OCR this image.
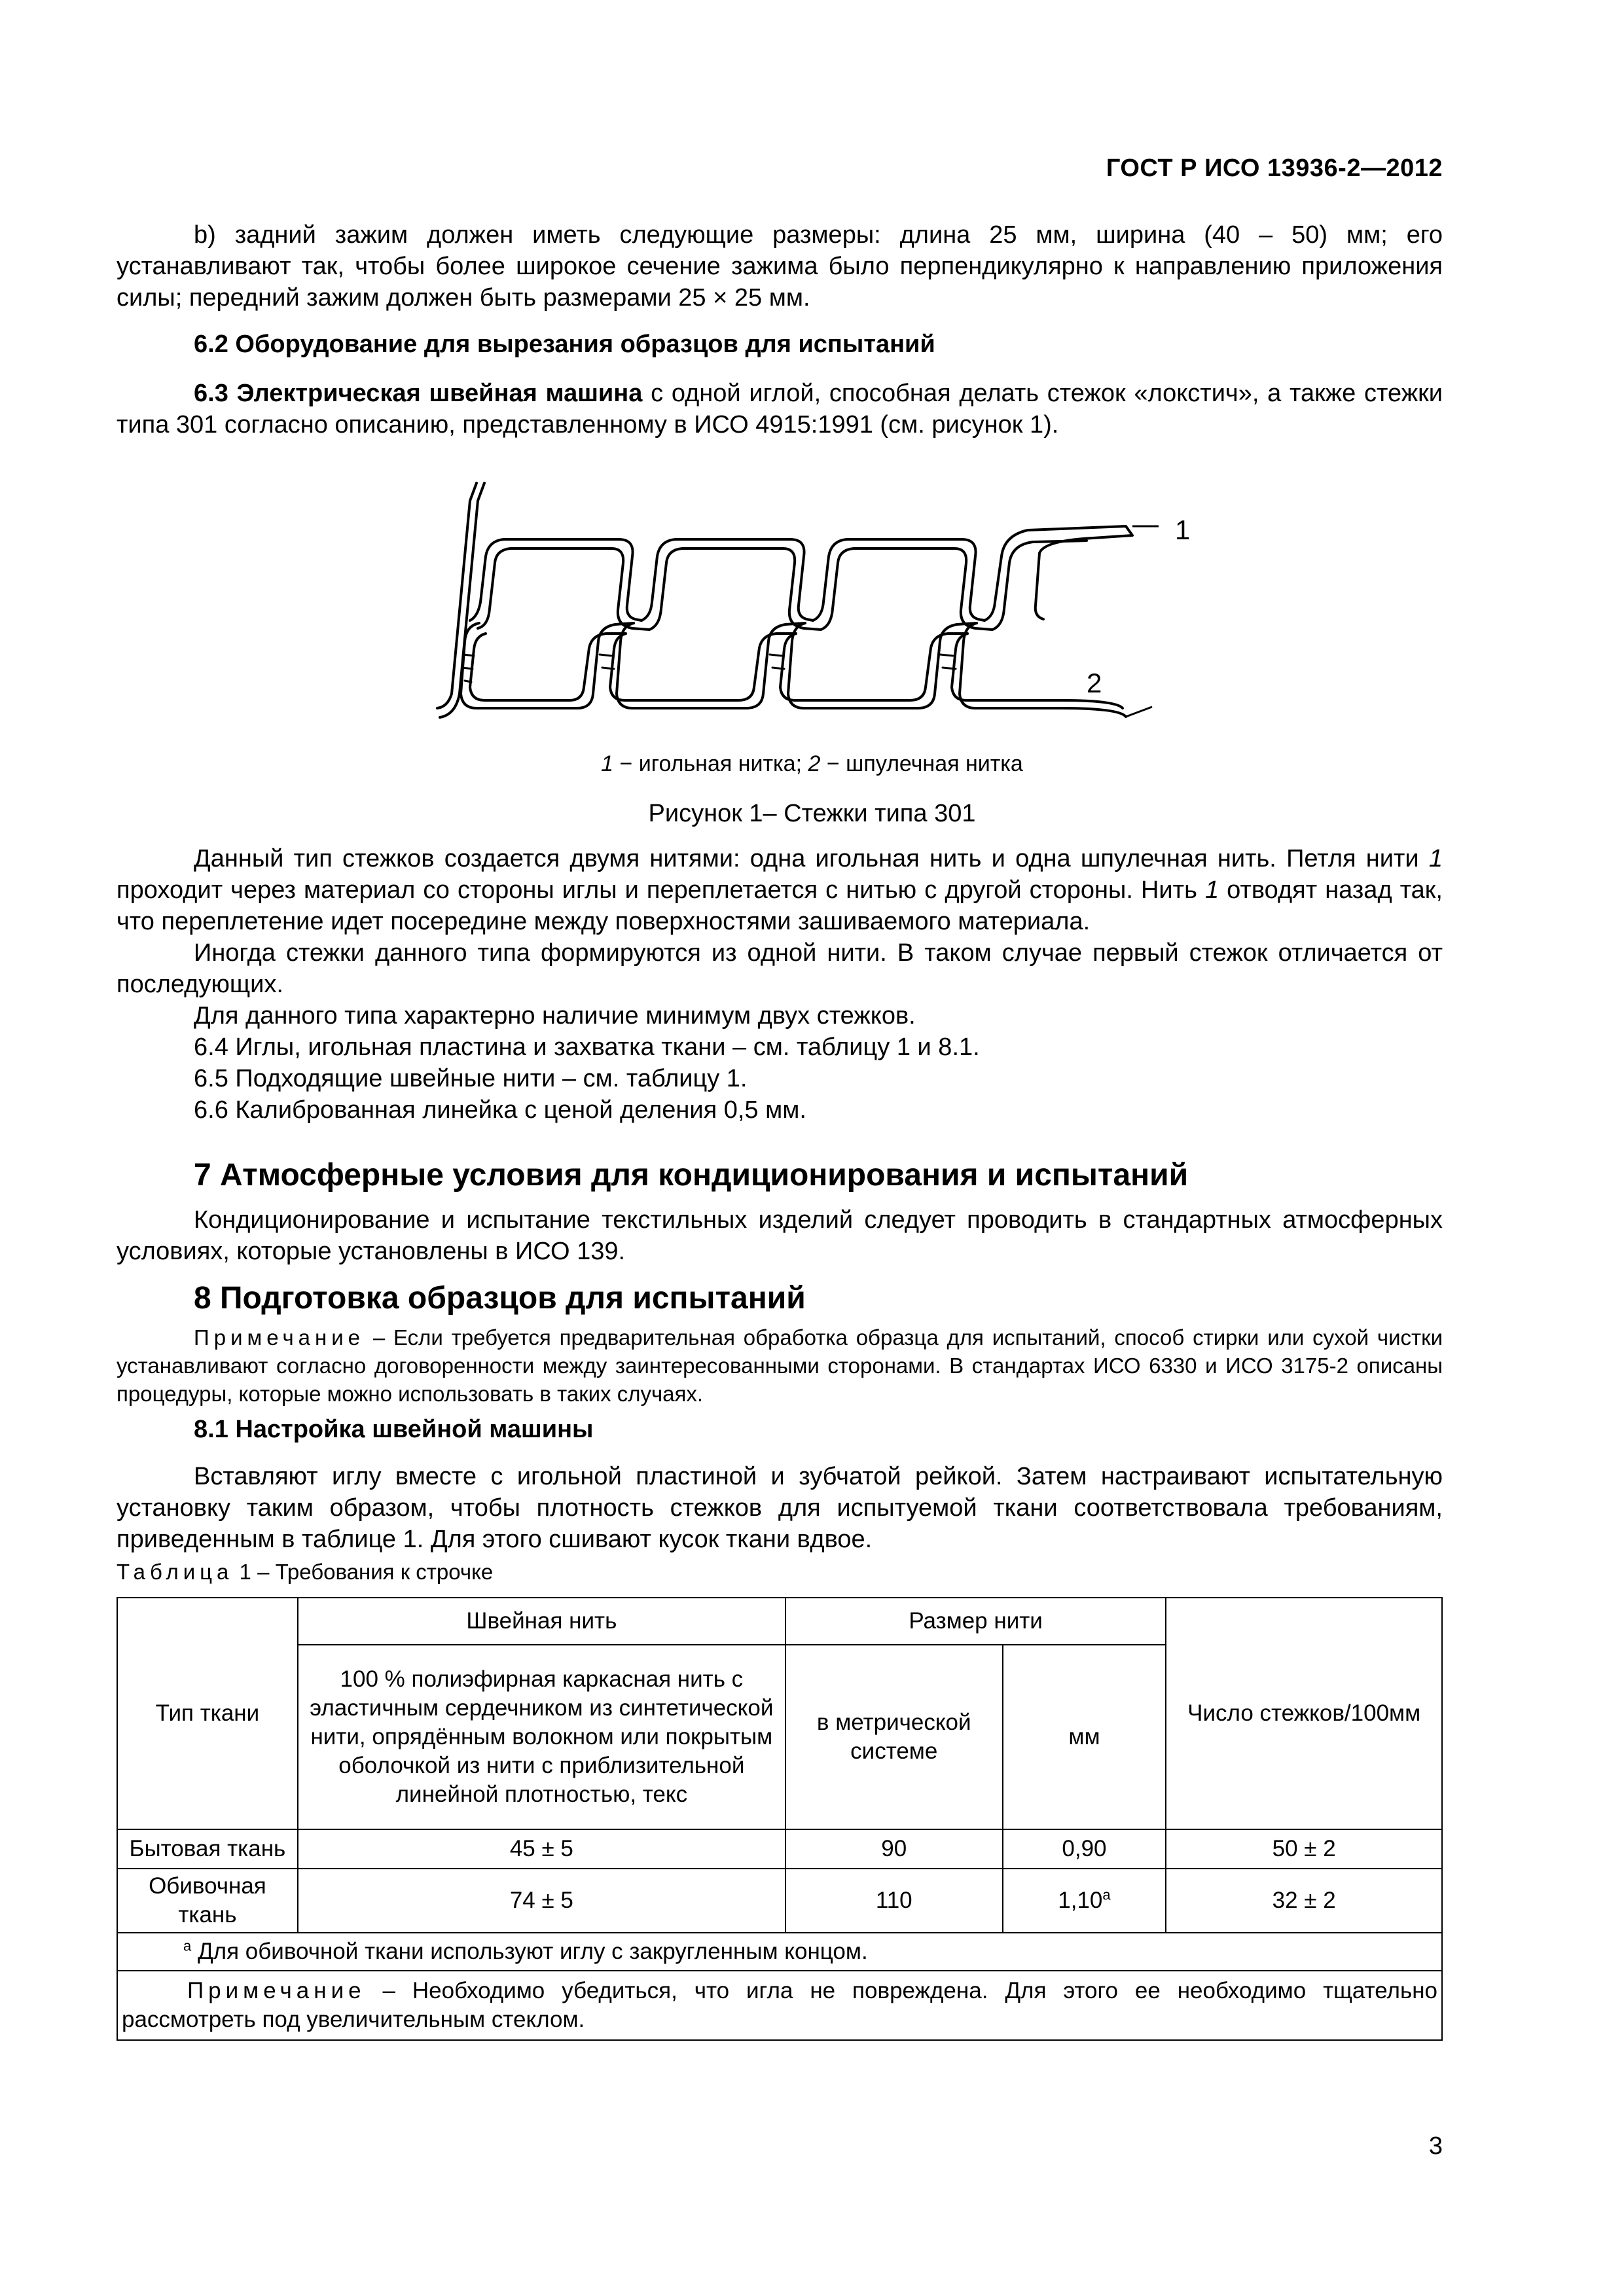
ГОСТ Р ИСО 13936-2—2012

b) задний зажим должен иметь следующие размеры: длина 25 мм, ширина (40 – 50) мм; его устанавливают так, чтобы более широкое сечение зажима было перпендикулярно к направлению приложения силы; передний зажим должен быть размерами 25 × 25 мм.

6.2 Оборудование для вырезания образцов для испытаний

6.3 Электрическая швейная машина с одной иглой, способная делать стежок «локстич», а также стежки типа 301 согласно описанию, представленному в ИСО 4915:1991 (см. рисунок 1).

2
1
1 − игольная нитка; 2 − шпулечная нитка
Рисунок 1– Стежки типа 301

Данный тип стежков создается двумя нитями: одна игольная нить и одна шпулечная нить. Петля нити 1 проходит через материал со стороны иглы и переплетается с нитью с другой стороны. Нить 1 отводят назад так, что переплетение идет посередине между поверхностями зашиваемого материала.

Иногда стежки данного типа формируются из одной нити. В таком случае первый стежок отличается от последующих.

Для данного типа характерно наличие минимум двух стежков.

6.4 Иглы, игольная пластина и захватка ткани – см. таблицу 1 и 8.1.

6.5 Подходящие швейные нити – см. таблицу 1.

6.6 Калиброванная линейка с ценой деления 0,5 мм.

7 Атмосферные условия для кондиционирования и испытаний

Кондиционирование и испытание текстильных изделий следует проводить в стандартных атмосферных условиях, которые установлены в ИСО 139.

8 Подготовка образцов для испытаний

Примечание – Если требуется предварительная обработка образца для испытаний, способ стирки или сухой чистки устанавливают согласно договоренности между заинтересованными сторонами. В стандартах ИСО 6330 и ИСО 3175-2 описаны процедуры, которые можно использовать в таких случаях.

8.1 Настройка швейной машины

Вставляют иглу вместе с игольной пластиной и зубчатой рейкой. Затем настраивают испытательную установку таким образом, чтобы плотность стежков для испытуемой ткани соответствовала требованиям, приведенным в таблице 1. Для этого сшивают кусок ткани вдвое.

Таблица 1 – Требования к строчке
Тип ткани	Швейная нить	Размер нити		Число стежков/100мм
	100 % полиэфирная каркасная нить с эластичным сердечником из синтетической нити, опрядённым волокном или покрытым оболочкой из нити с приблизительной линейной плотностью, текс	в метрической системе	мм	
Бытовая ткань	45 ± 5	90	0,90	50 ± 2
Обивочная ткань	74 ± 5	110	1,10$^a$	32 ± 2
$^a$ Для обивочной ткани используют иглу с закругленным концом.				
Примечание – Необходимо убедиться, что игла не повреждена. Для этого ее необходимо тщательно рассмотреть под увеличительным стеклом.				
3
